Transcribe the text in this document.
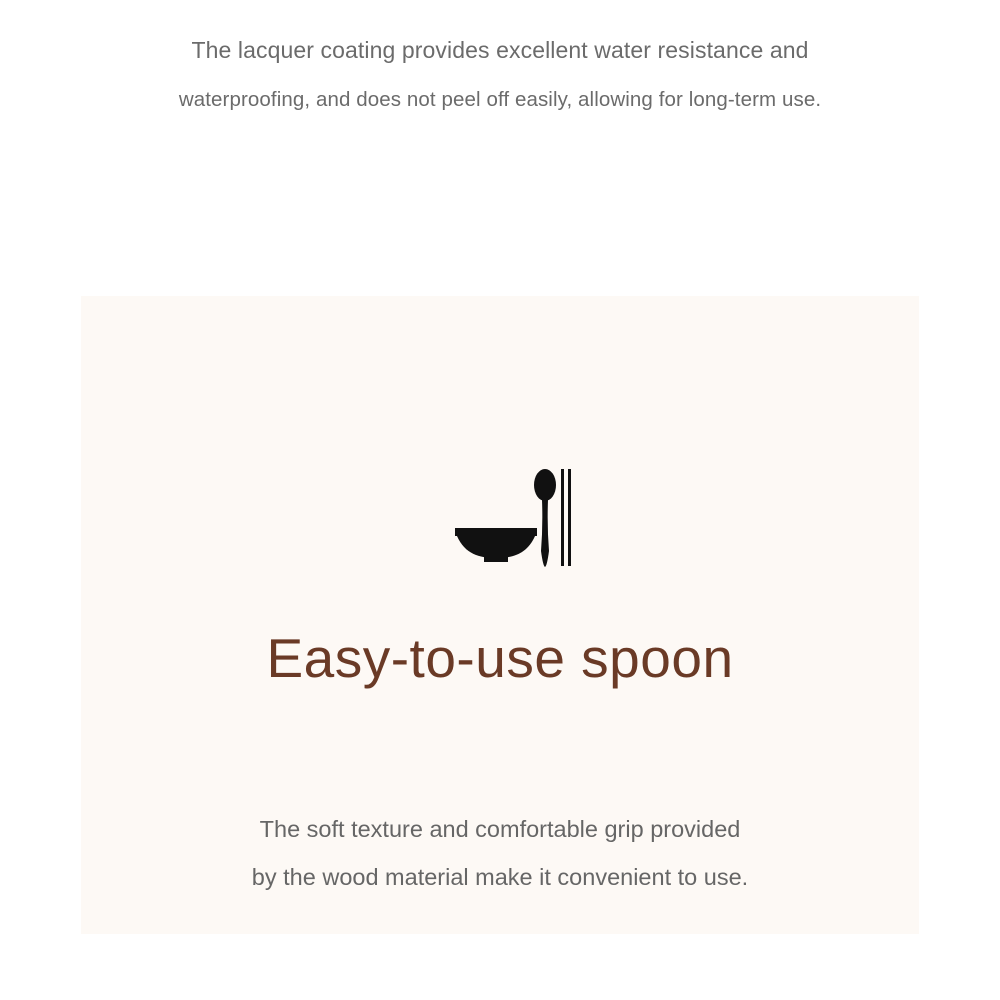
The lacquer coating provides excellent water resistance and

waterproofing, and does not peel off easily, allowing for long-term use.

Easy-to-use spoon

The soft texture and comfortable grip provided

by the wood material make it convenient to use.
